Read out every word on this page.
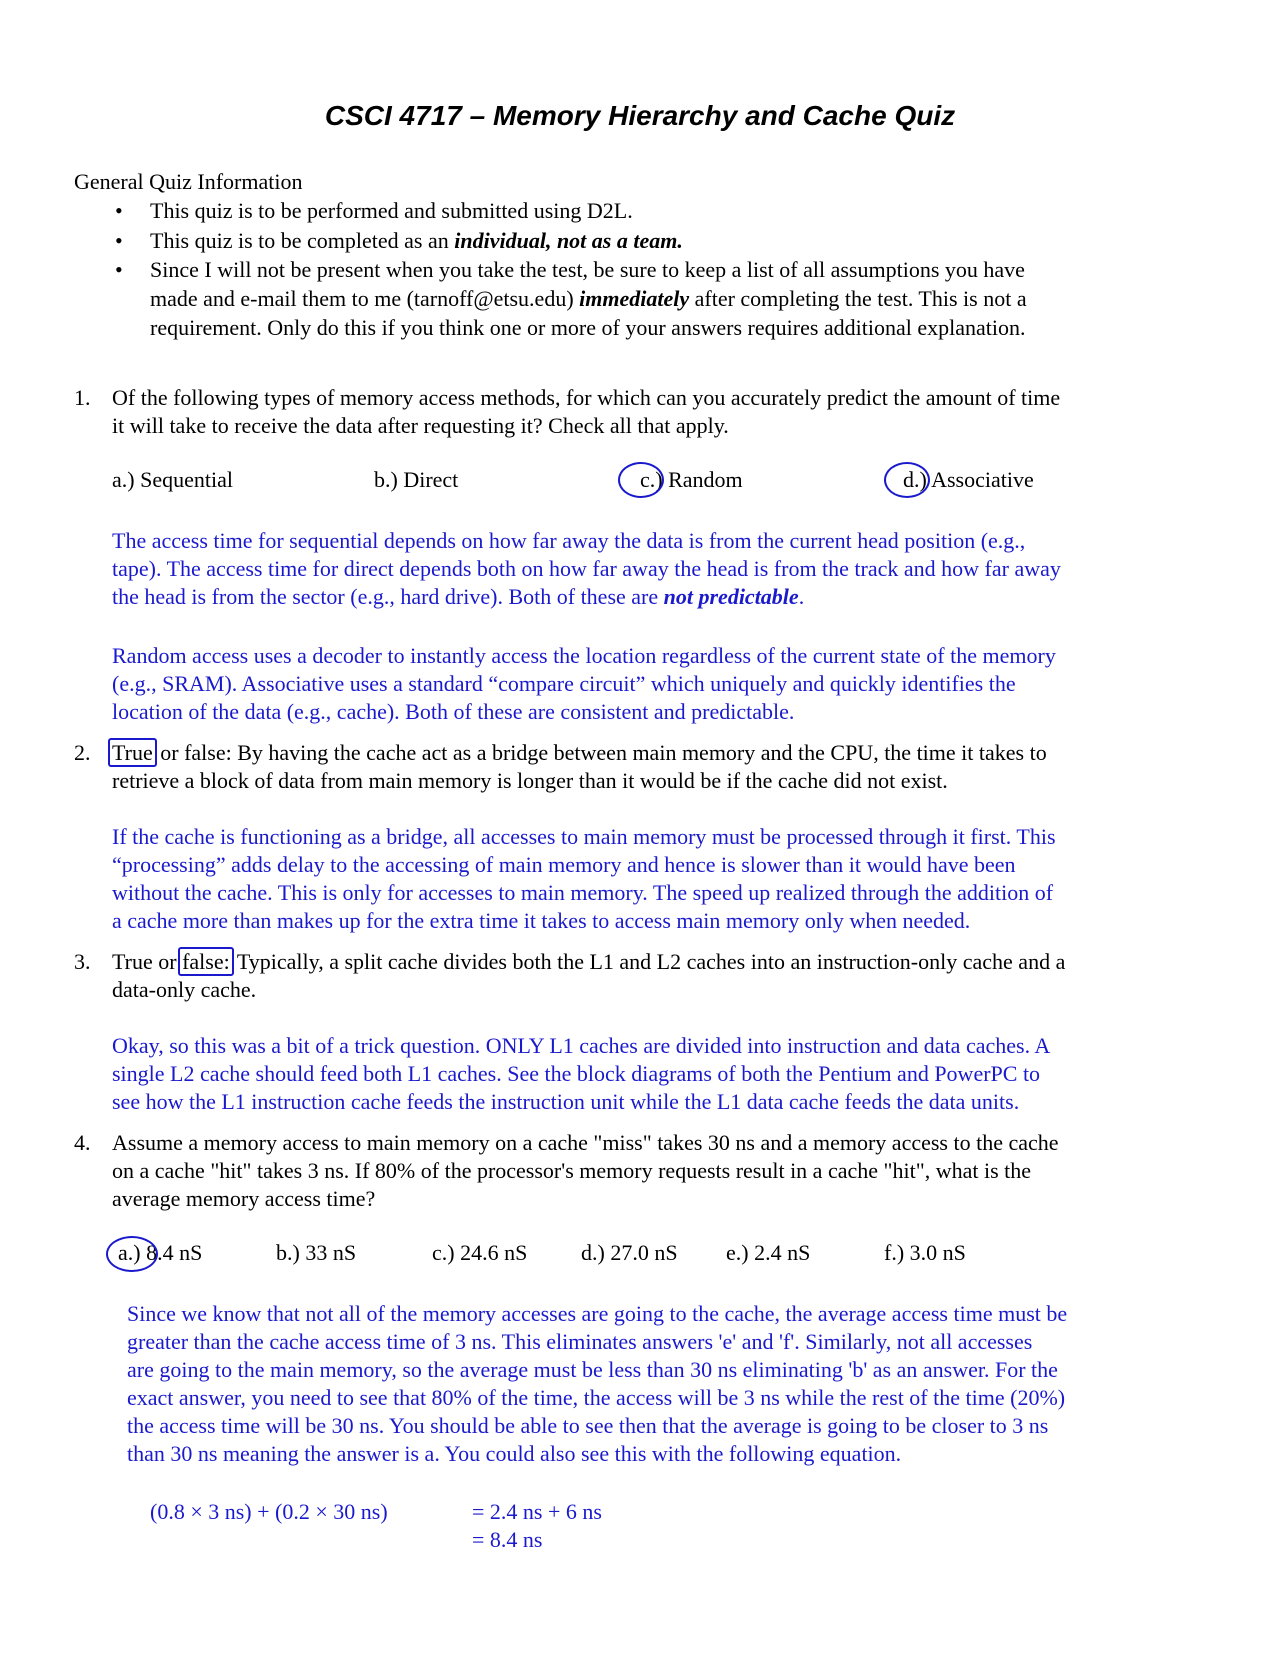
CSCI 4717 – Memory Hierarchy and Cache Quiz
General Quiz Information
• This quiz is to be performed and submitted using D2L.
• This quiz is to be completed as an individual, not as a team.
• Since I will not be present when you take the test, be sure to keep a list of all assumptions you have
made and e-mail them to me (tarnoff@etsu.edu) immediately after completing the test. This is not a
requirement. Only do this if you think one or more of your answers requires additional explanation.
1. Of the following types of memory access methods, for which can you accurately predict the amount of time
it will take to receive the data after requesting it? Check all that apply.
a.) Sequential	b.) Direct	c.) Random	d.) Associative
The access time for sequential depends on how far away the data is from the current head position (e.g.,
tape). The access time for direct depends both on how far away the head is from the track and how far away
the head is from the sector (e.g., hard drive). Both of these are not predictable.
Random access uses a decoder to instantly access the location regardless of the current state of the memory
(e.g., SRAM). Associative uses a standard “compare circuit” which uniquely and quickly identifies the
location of the data (e.g., cache). Both of these are consistent and predictable.
2. True or false: By having the cache act as a bridge between main memory and the CPU, the time it takes to
retrieve a block of data from main memory is longer than it would be if the cache did not exist.
If the cache is functioning as a bridge, all accesses to main memory must be processed through it first. This
“processing” adds delay to the accessing of main memory and hence is slower than it would have been
without the cache. This is only for accesses to main memory. The speed up realized through the addition of
a cache more than makes up for the extra time it takes to access main memory only when needed.
3. True or false: Typically, a split cache divides both the L1 and L2 caches into an instruction-only cache and a
data-only cache.
Okay, so this was a bit of a trick question. ONLY L1 caches are divided into instruction and data caches. A
single L2 cache should feed both L1 caches. See the block diagrams of both the Pentium and PowerPC to
see how the L1 instruction cache feeds the instruction unit while the L1 data cache feeds the data units.
4. Assume a memory access to main memory on a cache "miss" takes 30 ns and a memory access to the cache
on a cache "hit" takes 3 ns. If 80% of the processor's memory requests result in a cache "hit", what is the
average memory access time?
a.) 8.4 nS	b.) 33 nS	c.) 24.6 nS d.) 27.0 nS e.) 2.4 nS	f.) 3.0 nS
Since we know that not all of the memory accesses are going to the cache, the average access time must be
greater than the cache access time of 3 ns. This eliminates answers 'e' and 'f'. Similarly, not all accesses
are going to the main memory, so the average must be less than 30 ns eliminating 'b' as an answer. For the
exact answer, you need to see that 80% of the time, the access will be 3 ns while the rest of the time (20%)
the access time will be 30 ns. You should be able to see then that the average is going to be closer to 3 ns
than 30 ns meaning the answer is a. You could also see this with the following equation.
(0.8 × 3 ns) + (0.2 × 30 ns)	= 2.4 ns + 6 ns
= 8.4 ns
